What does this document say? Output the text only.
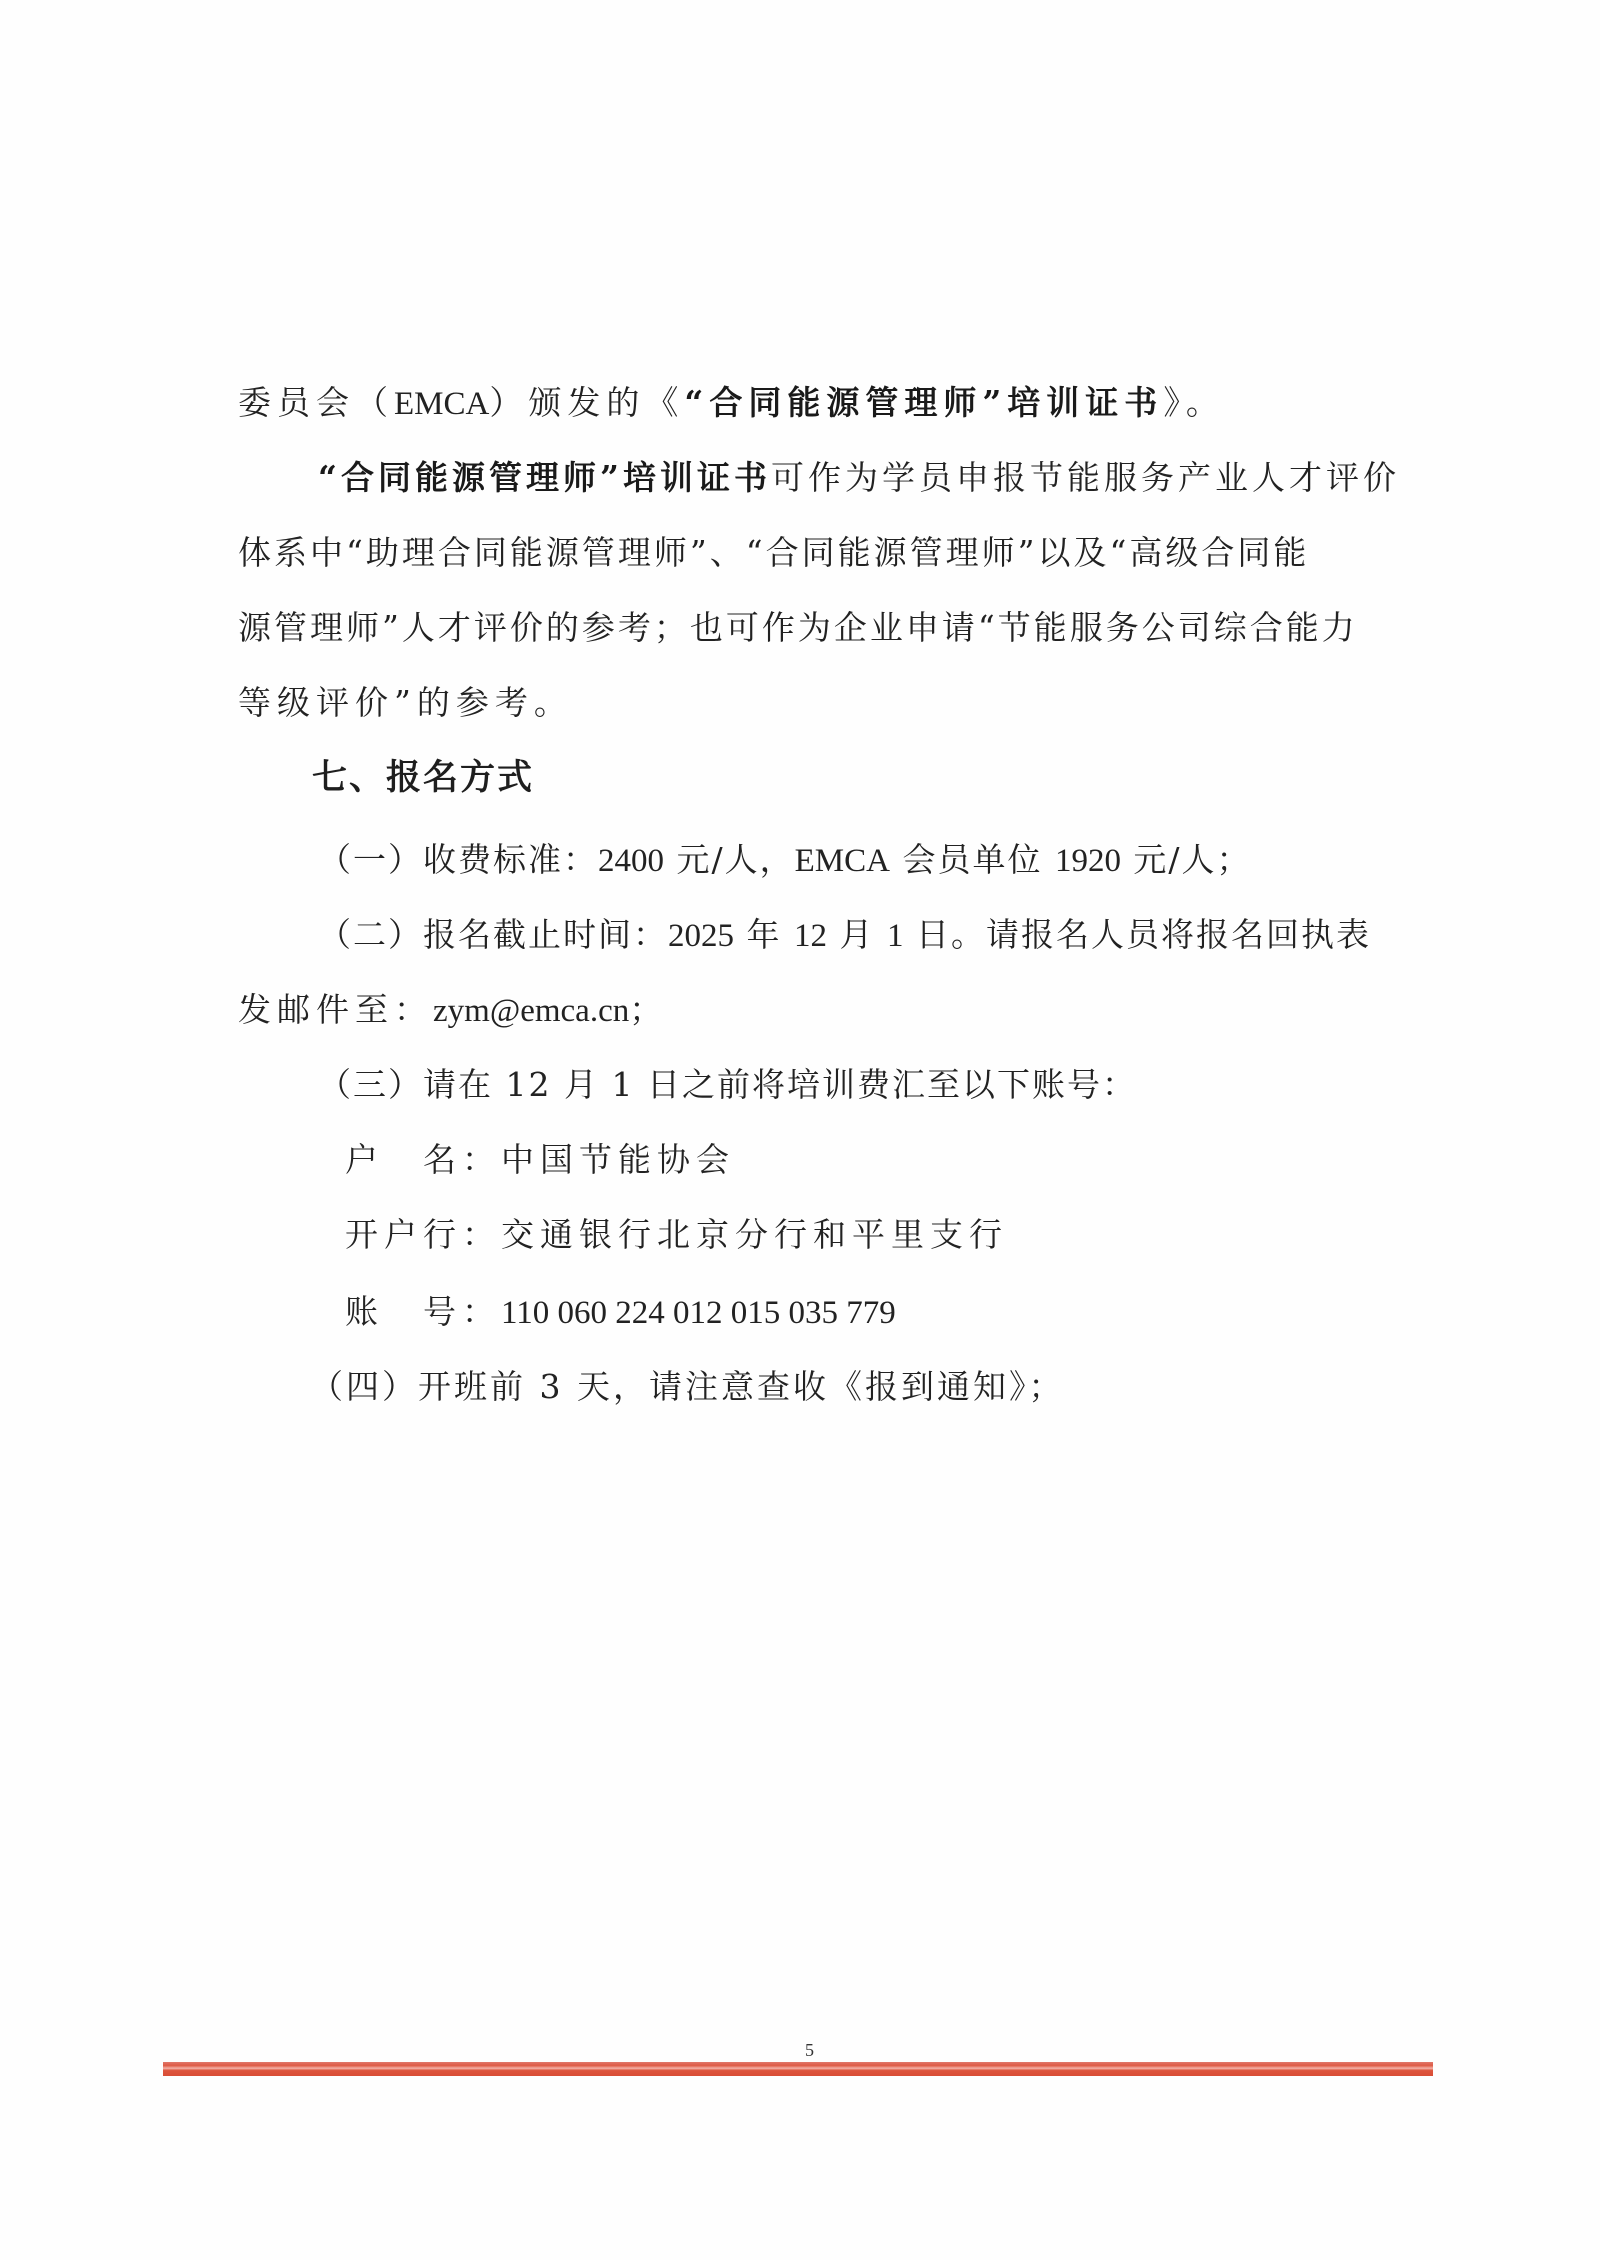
委员会（EMCA）颁发的《“合同能源管理师”培训证书》。
“合同能源管理师”培训证书可作为学员申报节能服务产业人才评价
体系中“助理合同能源管理师”、“合同能源管理师”以及“高级合同能
源管理师”人才评价的参考；也可作为企业申请“节能服务公司综合能力
等级评价”的参考。
七、报名方式
（一）收费标准：2400 元/人，EMCA 会员单位 1920 元/人；
（二）报名截止时间：2025 年 12 月 1 日。请报名人员将报名回执表
发邮件至：zym@emca.cn；
（三）请在 12 月 1 日之前将培训费汇至以下账号：
户　名：中国节能协会
开户行：交通银行北京分行和平里支行
账　号：110 060 224 012 015 035 779
（四）开班前 3 天，请注意查收《报到通知》；
5
